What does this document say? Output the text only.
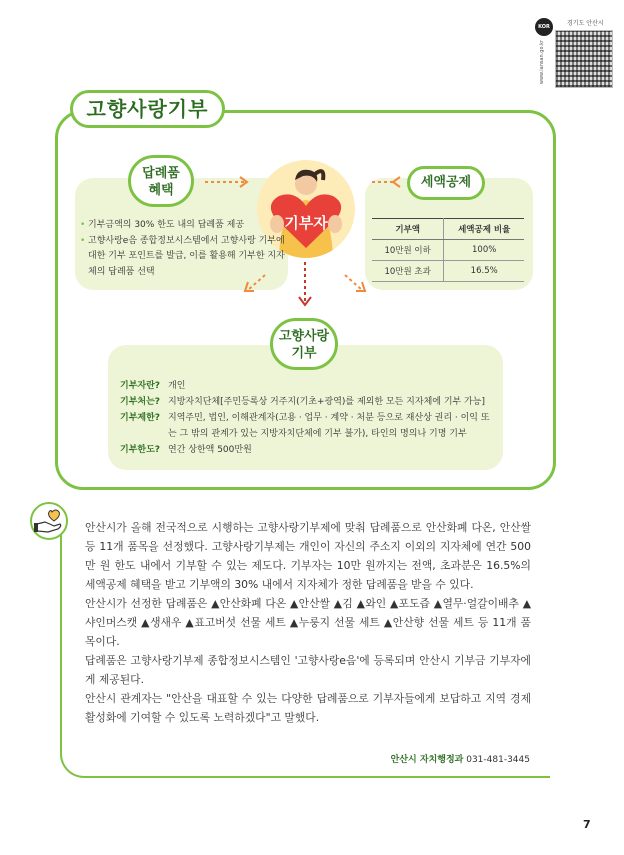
KOR
www.iansan.go.kr
경기도 안산시
고향사랑기부
답례품
혜택
세액공제
고향사랑
기부
기부자
• 기부금액의 30% 한도 내의 답례품 제공
• 고향사랑e음 종합정보시스템에서 고향사랑 기부에 대한 기부 포인트를 발급, 이를 활용해 기부한 지자체의 답례품 선택
기부액	세액공제 비율
10만원 이하	100%
10만원 초과	16.5%
기부자란? 개인
기부처는? 지방자치단체[주민등록상 거주지(기초+광역)를 제외한 모든 지자체에 기부 가능]
기부제한? 지역주민, 법인, 이해관계자(고용 · 업무 · 계약 · 처분 등으로 재산상 권리 · 이익 또는 그 밖의 관계가 있는 지방자치단체에 기부 불가), 타인의 명의나 기명 기부
기부한도? 연간 상한액 500만원

안산시가 올해 전국적으로 시행하는 고향사랑기부제에 맞춰 답례품으로 안산화폐 다온, 안산쌀 등 11개 품목을 선정했다. 고향사랑기부제는 개인이 자신의 주소지 이외의 지자체에 연간 500만 원 한도 내에서 기부할 수 있는 제도다. 기부자는 10만 원까지는 전액, 초과분은 16.5%의 세액공제 혜택을 받고 기부액의 30% 내에서 지자체가 정한 답례품을 받을 수 있다.

안산시가 선정한 답례품은 ▲안산화폐 다온 ▲안산쌀 ▲김 ▲와인 ▲포도즙 ▲열무·얼갈이배추 ▲샤인머스캣 ▲생새우 ▲표고버섯 선물 세트 ▲누룽지 선물 세트 ▲안산향 선물 세트 등 11개 품목이다.

답례품은 고향사랑기부제 종합정보시스템인 '고향사랑e음'에 등록되며 안산시 기부금 기부자에게 제공된다.

안산시 관계자는 "안산을 대표할 수 있는 다양한 답례품으로 기부자들에게 보답하고 지역 경제 활성화에 기여할 수 있도록 노력하겠다"고 말했다.

안산시 자치행정과 031-481-3445
7
